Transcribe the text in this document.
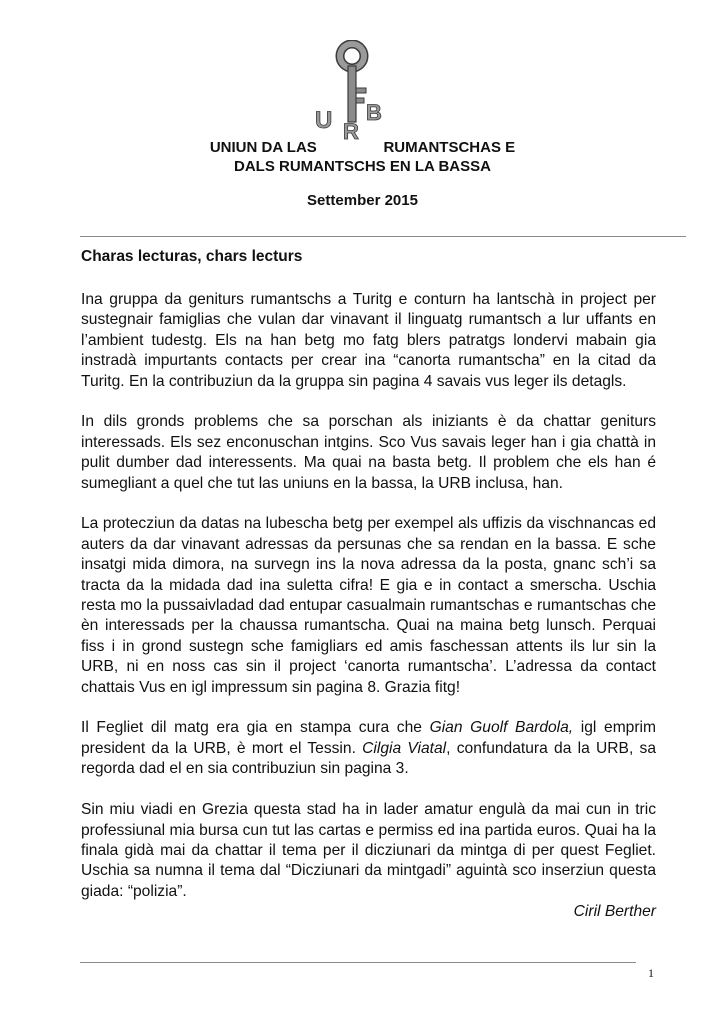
U R
B
UNIUN DA LAS                RUMANTSCHAS E
DALS RUMANTSCHS EN LA BASSA
Settember 2015
Charas lecturas, chars lecturs

Ina gruppa da geniturs rumantschs a Turitg e conturn ha lantschà in project per sustegnair famiglias che vulan dar vinavant il linguatg rumantsch a lur uffants en l’ambient tudestg. Els na han betg mo fatg blers patratgs londervi mabain gia instradà impurtants contacts per crear ina “canorta rumantscha” en la citad da Turitg. En la contribuziun da la gruppa sin pagina 4 savais vus leger ils detagls.

In dils gronds problems che sa porschan als iniziants è da chattar geniturs interessads. Els sez enconuschan intgins. Sco Vus savais leger han i gia chattà in pulit dumber dad interessents. Ma quai na basta betg. Il problem che els han é sumegliant a quel che tut las uniuns en la bassa, la URB inclusa, han.

La protecziun da datas na lubescha betg per exempel als uffizis da vischnancas ed auters da dar vinavant adressas da persunas che sa rendan en la bassa. E sche insatgi mida dimora, na survegn ins la nova adressa da la posta, gnanc sch’i sa tracta da la midada dad ina suletta cifra! E gia e in contact a smerscha. Uschia resta mo la pussaivladad dad entupar casualmain rumantschas e rumantschas che èn interessads per la chaussa rumantscha. Quai na maina betg lunsch. Perquai fiss i in grond sustegn sche famigliars ed amis faschessan attents ils lur sin la URB, ni en noss cas sin il project ‘canorta rumantscha’. L’adressa da contact chattais Vus en igl impressum sin pagina 8. Grazia fitg!

Il Fegliet dil matg era gia en stampa cura che Gian Guolf Bardola, igl emprim president da la URB, è mort el Tessin. Cilgia Viatal, confundatura da la URB, sa regorda dad el en sia contribuziun sin pagina 3.

Sin miu viadi en Grezia questa stad ha in lader amatur engulà da mai cun in tric professiunal mia bursa cun tut las cartas e permiss ed ina partida euros. Quai ha la finala gidà mai da chattar il tema per il dicziunari da mintga di per quest Fegliet. Uschia sa numna il tema dal “Dicziunari da mintgadi” aguintà sco inserziun questa giada: “polizia”.

Ciril Berther
1
